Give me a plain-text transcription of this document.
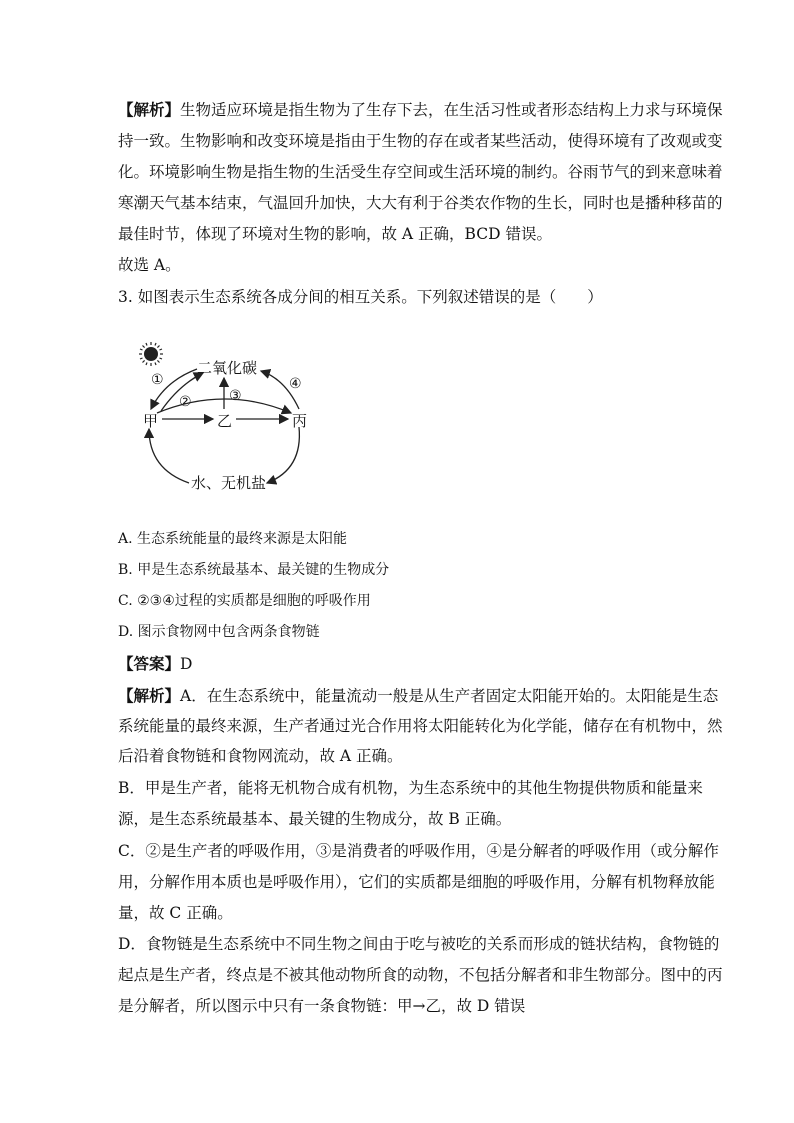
【解析】生物适应环境是指生物为了生存下去，在生活习性或者形态结构上力求与环境保
持一致。生物影响和改变环境是指由于生物的存在或者某些活动，使得环境有了改观或变
化。环境影响生物是指生物的生活受生存空间或生活环境的制约。谷雨节气的到来意味着
寒潮天气基本结束，气温回升加快，大大有利于谷类农作物的生长，同时也是播种移苗的
最佳时节，体现了环境对生物的影响，故 A 正确，BCD 错误。
故选 A。
3. 如图表示生态系统各成分间的相互关系。下列叙述错误的是（　　）
二氧化碳
甲	乙	丙
水、无机盐
①
②	③
④
A. 生态系统能量的最终来源是太阳能
B. 甲是生态系统最基本、最关键的生物成分
C. ②③④过程的实质都是细胞的呼吸作用
D. 图示食物网中包含两条食物链
【答案】D
【解析】A．在生态系统中，能量流动一般是从生产者固定太阳能开始的。太阳能是生态
系统能量的最终来源，生产者通过光合作用将太阳能转化为化学能，储存在有机物中，然
后沿着食物链和食物网流动，故 A 正确。
B．甲是生产者，能将无机物合成有机物，为生态系统中的其他生物提供物质和能量来
源，是生态系统最基本、最关键的生物成分，故 B 正确。
C．②是生产者的呼吸作用，③是消费者的呼吸作用，④是分解者的呼吸作用（或分解作
用，分解作用本质也是呼吸作用），它们的实质都是细胞的呼吸作用，分解有机物释放能
量，故 C 正确。
D．食物链是生态系统中不同生物之间由于吃与被吃的关系而形成的链状结构，食物链的
起点是生产者，终点是不被其他动物所食的动物，不包括分解者和非生物部分。图中的丙
是分解者，所以图示中只有一条食物链：甲→乙，故 D 错误
